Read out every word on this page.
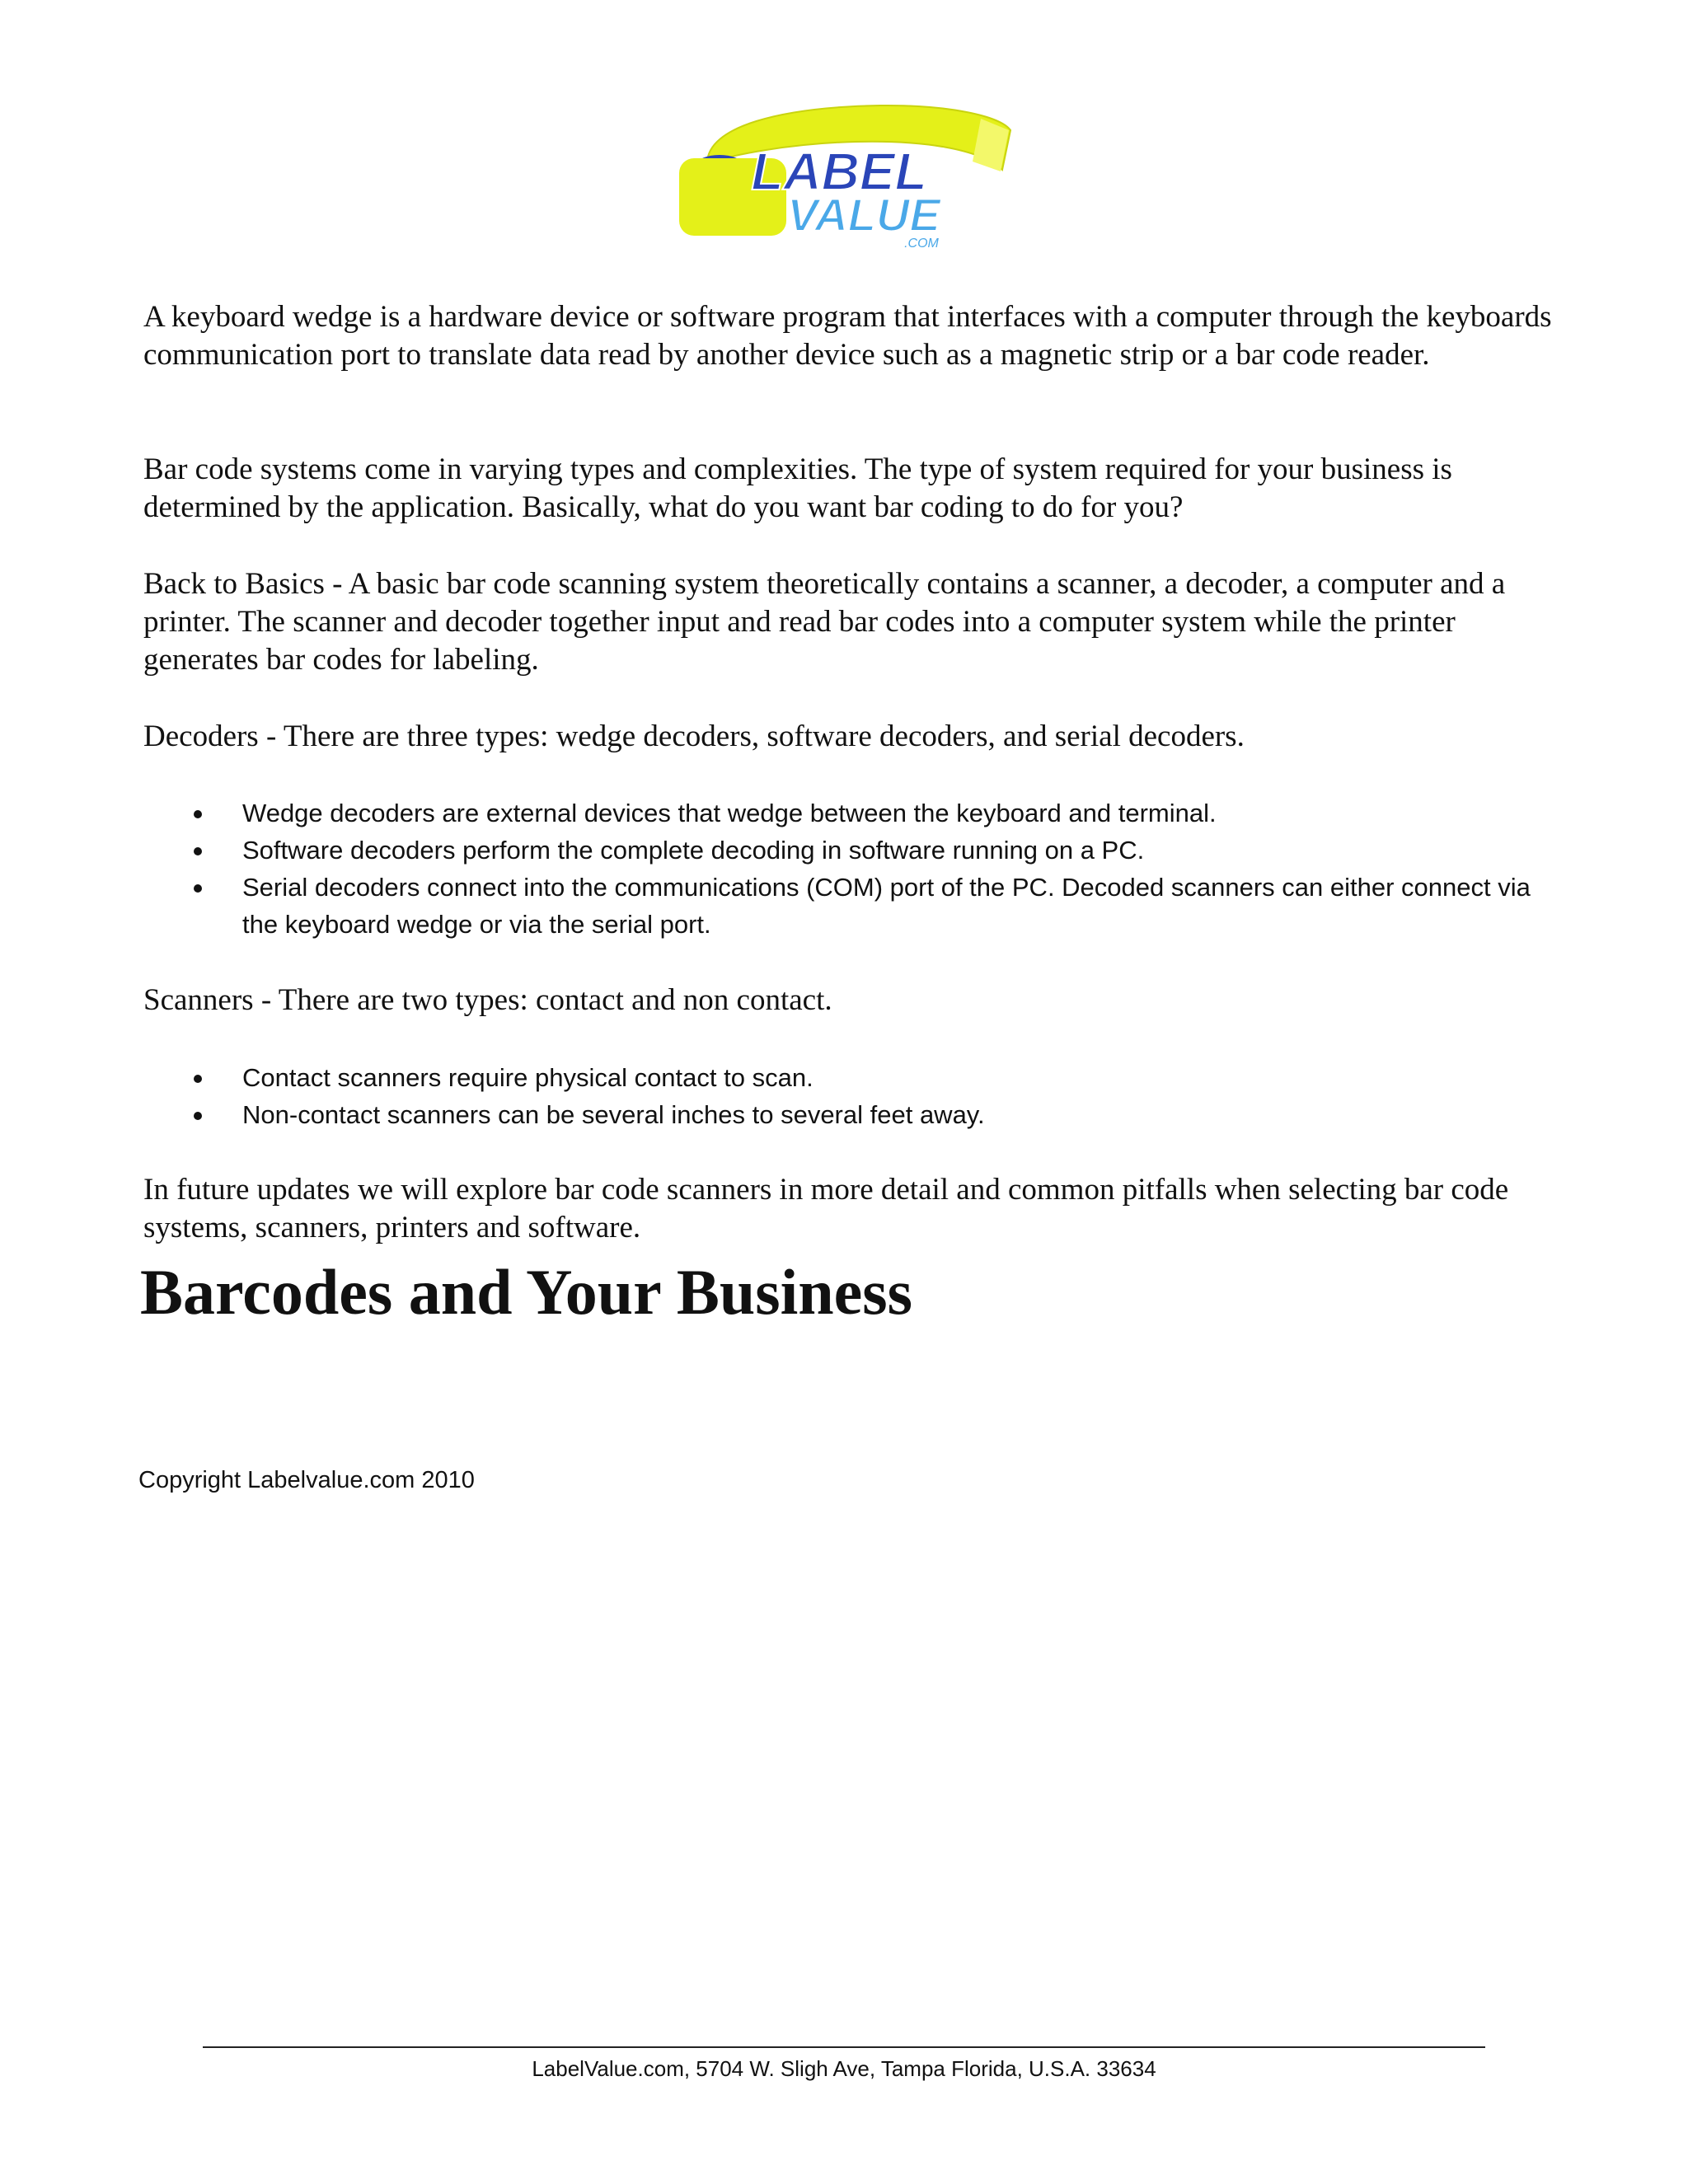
LABEL
VALUE
.COM

A keyboard wedge is a hardware device or software program that interfaces with a computer through the keyboards communication port to translate data read by another device such as a magnetic strip or a bar code reader.

Bar code systems come in varying types and complexities. The type of system required for your business is determined by the application. Basically, what do you want bar coding to do for you?

Back to Basics - A basic bar code scanning system theoretically contains a scanner, a decoder, a computer and a printer. The scanner and decoder together input and read bar codes into a computer system while the printer generates bar codes for labeling.

Decoders - There are three types: wedge decoders, software decoders, and serial decoders.

Wedge decoders are external devices that wedge between the keyboard and terminal.
Software decoders perform the complete decoding in software running on a PC.
Serial decoders connect into the communications (COM) port of the PC. Decoded scanners can either connect via the keyboard wedge or via the serial port.

Scanners - There are two types: contact and non contact.

Contact scanners require physical contact to scan.
Non-contact scanners can be several inches to several feet away.

In future updates we will explore bar code scanners in more detail and common pitfalls when selecting bar code systems, scanners, printers and software.

Barcodes and Your Business

Copyright Labelvalue.com 2010

LabelValue.com, 5704 W. Sligh Ave, Tampa Florida, U.S.A. 33634
